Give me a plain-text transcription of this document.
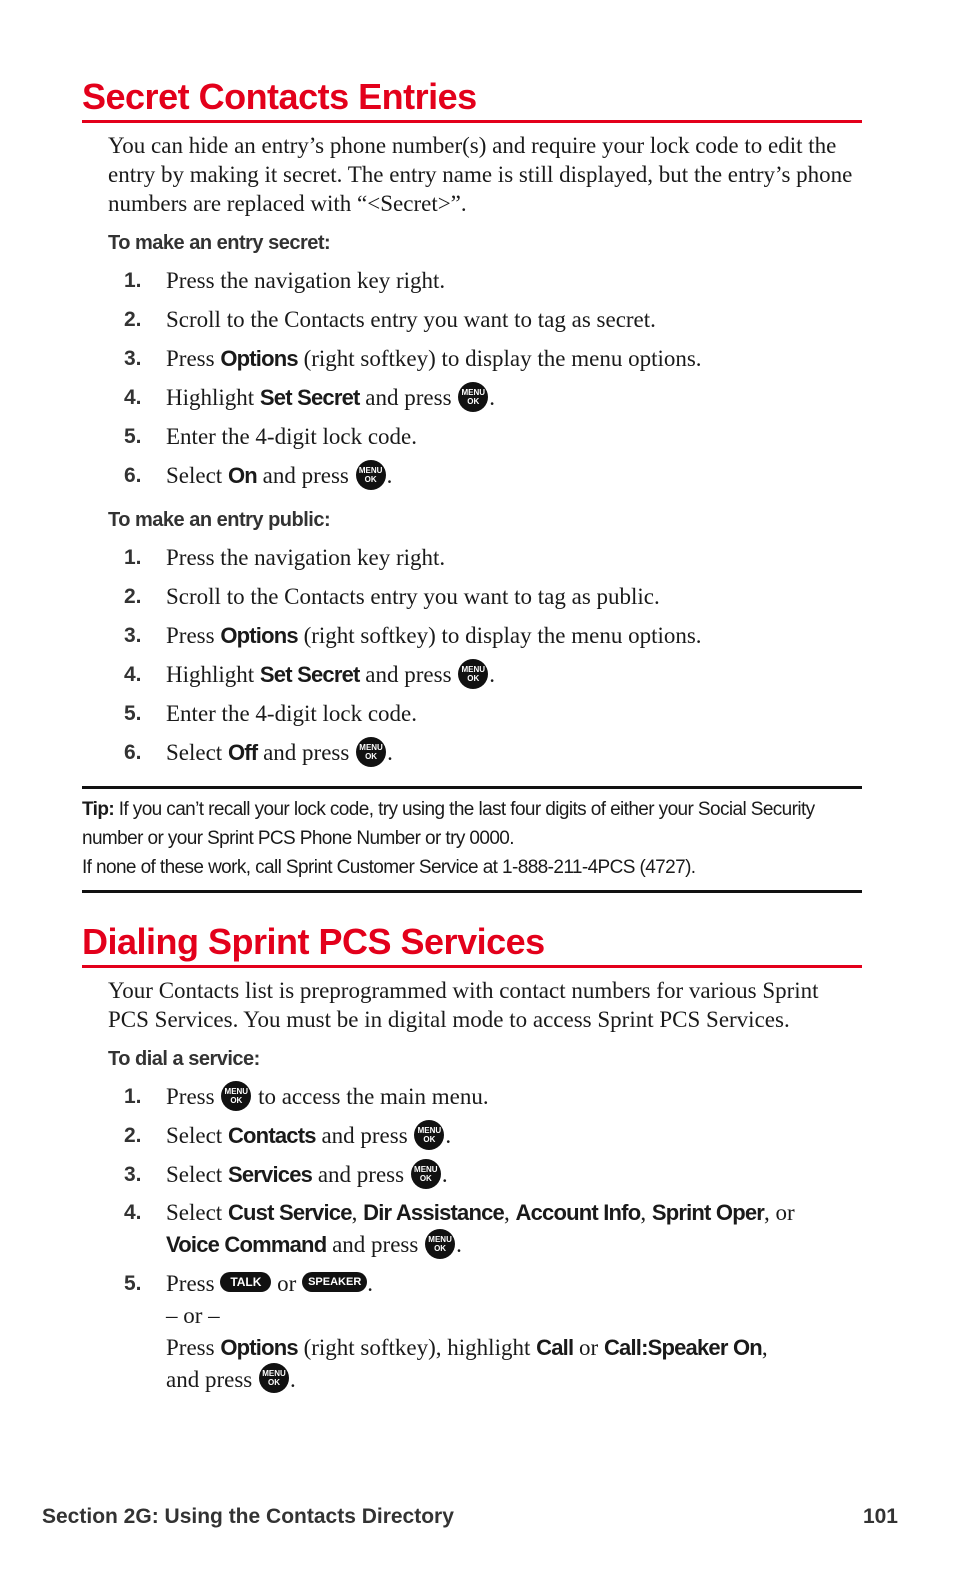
Secret Contacts Entries

You can hide an entry’s phone number(s) and require your lock code to edit the entry by making it secret. The entry name is still displayed, but the entry’s phone numbers are replaced with “<Secret>”.

To make an entry secret:
1. Press the navigation key right.
2. Scroll to the Contacts entry you want to tag as secret.
3. Press Options (right softkey) to display the menu options.
4. Highlight Set Secret and press MENU
OK .
5. Enter the 4-digit lock code.
6. Select On and press MENU
OK .
To make an entry public:
1. Press the navigation key right.
2. Scroll to the Contacts entry you want to tag as public.
3. Press Options (right softkey) to display the menu options.
4. Highlight Set Secret and press MENU
OK .
5. Enter the 4-digit lock code.
6. Select Off and press MENU
OK .
Tip: If you can’t recall your lock code, try using the last four digits of either your Social Security number or your Sprint PCS Phone Number or try 0000.
If none of these work, call Sprint Customer Service at 1-888-211-4PCS (4727).
Dialing Sprint PCS Services

Your Contacts list is preprogrammed with contact numbers for various Sprint PCS Services. You must be in digital mode to access Sprint PCS Services.

To dial a service:
1. Press MENU
OK to access the main menu.
2. Select Contacts and press MENU
OK .
3. Select Services and press MENU
OK .
4. Select Cust Service, Dir Assistance, Account Info, Sprint Oper, or
Voice Command and press MENU
OK .
5. Press TALK or SPEAKER .
– or –
Press Options (right softkey), highlight Call or Call:Speaker On,
and press MENU
OK .
Section 2G: Using the Contacts Directory	101
